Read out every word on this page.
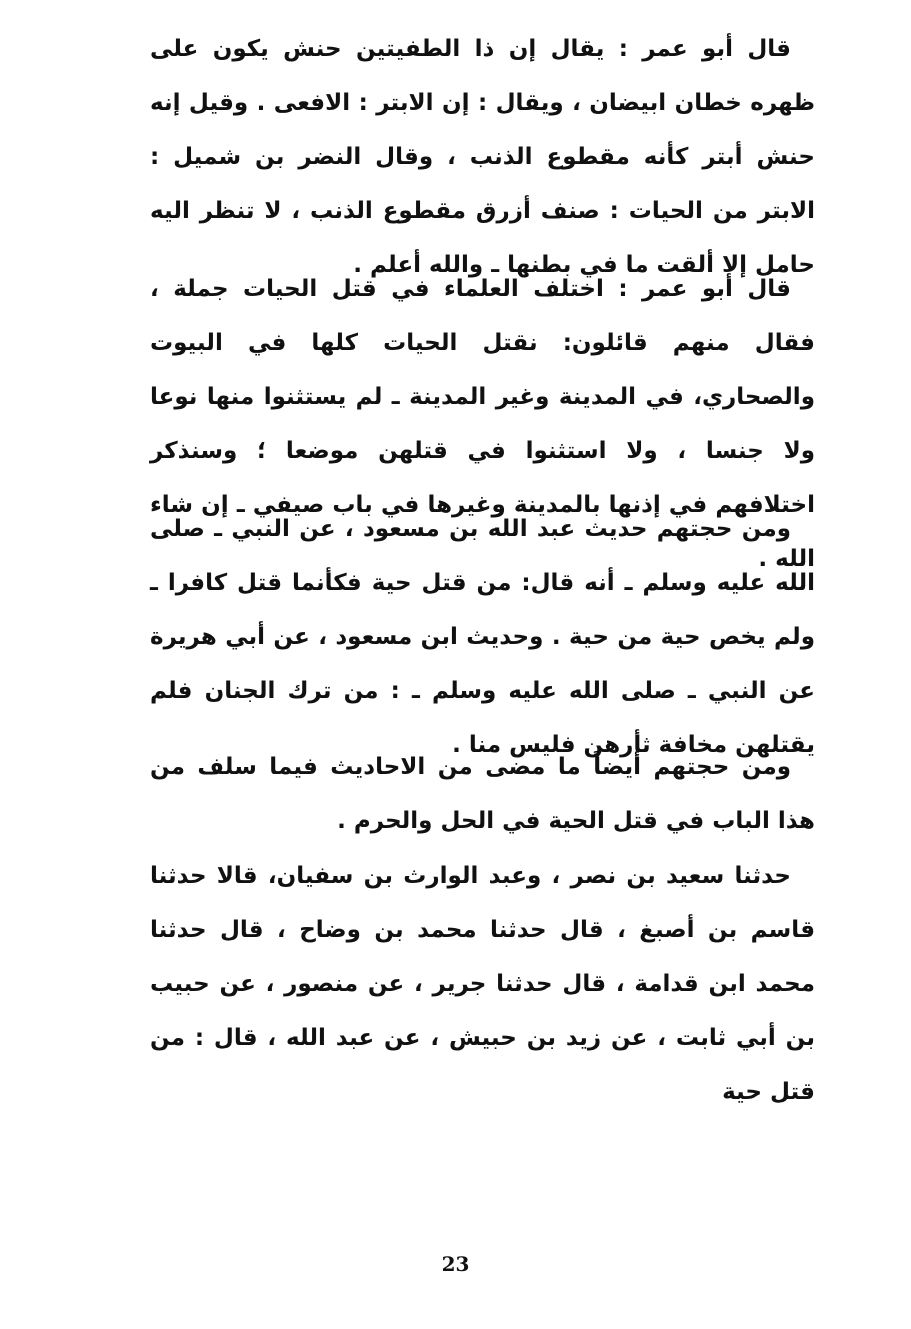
قال أبو عمر : يقال إن ذا الطفيتين حنش يكون على ظهره خطان ابيضان ، ويقال : إن الابتر : الافعى . وقيل إنه حنش أبتر كأنه مقطوع الذنب ، وقال النضر بن شميل : الابتر من الحيات : صنف أزرق مقطوع الذنب ، لا تنظر اليه حامل إلا ألقت ما في بطنها ـ والله أعلم .

قال أبو عمر : اختلف العلماء في قتل الحيات جملة ، فقال منهم قائلون: نقتل الحيات كلها في البيوت والصحاري، في المدينة وغير المدينة ـ لم يستثنوا منها نوعا ولا جنسا ، ولا استثنوا في قتلهن موضعا ؛ وسنذكر اختلافهم في إذنها بالمدينة وغيرها في باب صيفي ـ إن شاء الله .

ومن حجتهم حديث عبد الله بن مسعود ، عن النبي ـ صلى الله عليه وسلم ـ أنه قال: من قتل حية فكأنما قتل كافرا ـ ولم يخص حية من حية . وحديث ابن مسعود ، عن أبي هريرة عن النبي ـ صلى الله عليه وسلم ـ : من ترك الجنان فلم يقتلهن مخافة ثأرهن فليس منا .

ومن حجتهم أيضاً ما مضى من الاحاديث فيما سلف من هذا الباب في قتل الحية في الحل والحرم .

حدثنا سعيد بن نصر ، وعبد الوارث بن سفيان، قالا حدثنا قاسم بن أصبغ ، قال حدثنا محمد بن وضاح ، قال حدثنا محمد ابن قدامة ، قال حدثنا جرير ، عن منصور ، عن حبيب بن أبي ثابت ، عن زيد بن حبيش ، عن عبد الله ، قال : من قتل حية

23
